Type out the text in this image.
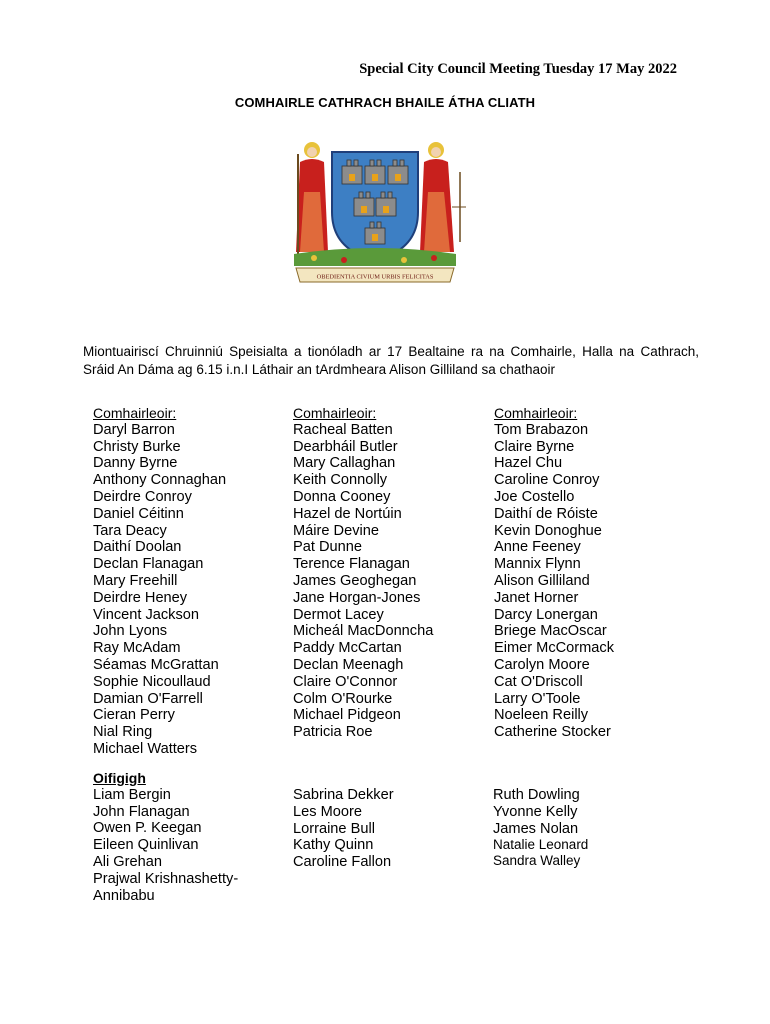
Special City Council Meeting Tuesday 17 May 2022
COMHAIRLE CATHRACH BHAILE ÁTHA CLIATH
OBEDIENTIA CIVIUM URBIS FELICITAS
Miontuairiscí Chruinniú Speisialta a tionóladh ar 17 Bealtaine ra na Comhairle, Halla na Cathrach, Sráid An Dáma ag 6.15 i.n.I Láthair an tArdmheara Alison Gilliland sa chathaoir
Comhairleoir:
Daryl Barron
Christy Burke
Danny Byrne
Anthony Connaghan
Deirdre Conroy
Daniel Céitinn
Tara Deacy
Daithí Doolan
Declan Flanagan
Mary Freehill
Deirdre Heney
Vincent Jackson
John Lyons
Ray McAdam
Séamas McGrattan
Sophie Nicoullaud
Damian O'Farrell
Cieran Perry
Nial Ring
Michael Watters
Comhairleoir:
Racheal Batten
Dearbháil Butler
Mary Callaghan
Keith Connolly
Donna Cooney
Hazel de Nortúin
Máire Devine
Pat Dunne
Terence Flanagan
James Geoghegan
Jane Horgan-Jones
Dermot Lacey
Micheál MacDonncha
Paddy McCartan
Declan Meenagh
Claire O'Connor
Colm O'Rourke
Michael Pidgeon
Patricia Roe
Comhairleoir:
Tom Brabazon
Claire Byrne
Hazel Chu
Caroline Conroy
Joe Costello
Daithí de Róiste
Kevin Donoghue
Anne Feeney
Mannix Flynn
Alison Gilliland
Janet Horner
Darcy Lonergan
Briege MacOscar
Eimer McCormack
Carolyn Moore
Cat O'Driscoll
Larry O'Toole
Noeleen Reilly
Catherine Stocker
Oifigigh
Liam Bergin
John Flanagan
Owen P. Keegan
Eileen Quinlivan
Ali Grehan
Prajwal Krishnashetty-
Annibabu
Sabrina Dekker
Les Moore
Lorraine Bull
Kathy Quinn
Caroline Fallon
Ruth Dowling
Yvonne Kelly
James Nolan
Natalie Leonard
Sandra Walley
